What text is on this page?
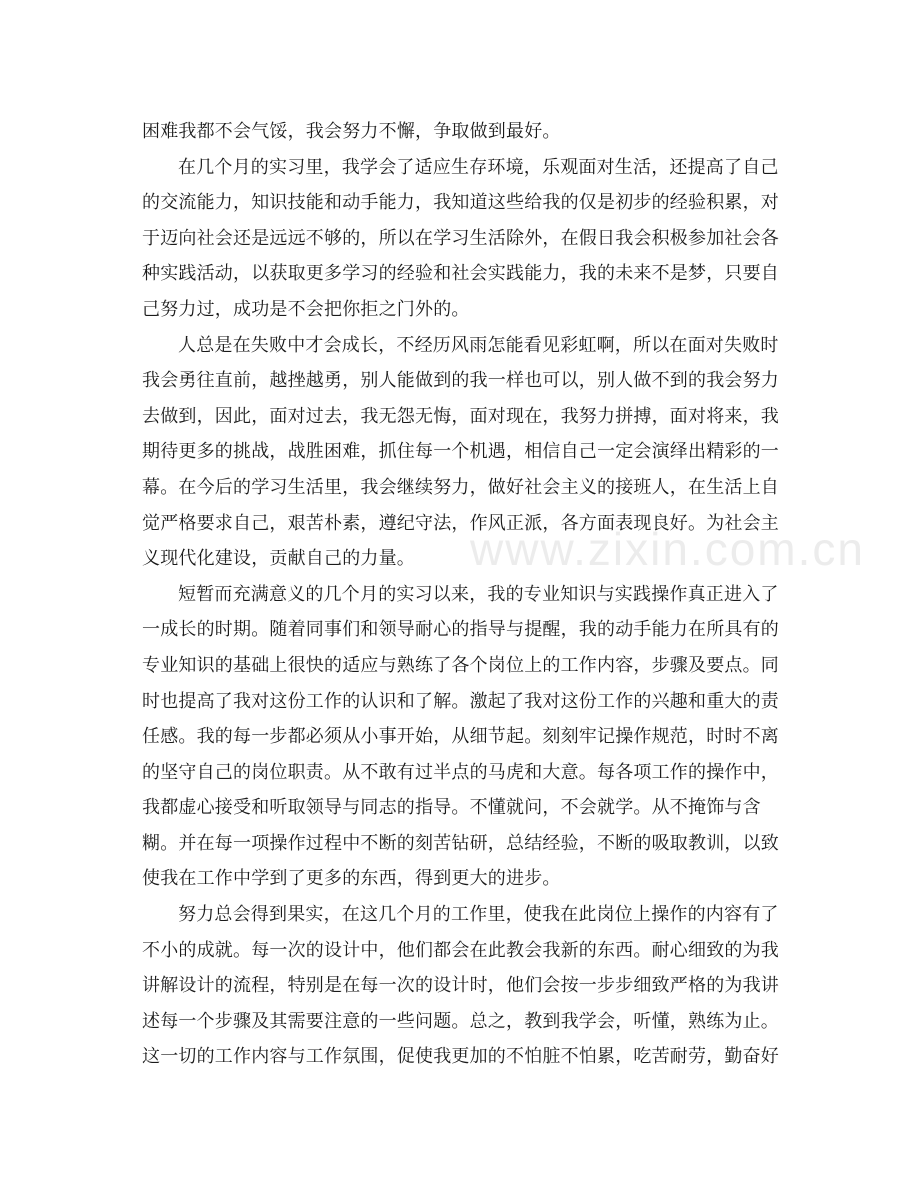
困难我都不会气馁，我会努力不懈，争取做到最好。
在几个月的实习里，我学会了适应生存环境，乐观面对生活，还提高了自己
的交流能力，知识技能和动手能力，我知道这些给我的仅是初步的经验积累，对
于迈向社会还是远远不够的，所以在学习生活除外，在假日我会积极参加社会各
种实践活动，以获取更多学习的经验和社会实践能力，我的未来不是梦，只要自
己努力过，成功是不会把你拒之门外的。
人总是在失败中才会成长，不经历风雨怎能看见彩虹啊，所以在面对失败时
我会勇往直前，越挫越勇，别人能做到的我一样也可以，别人做不到的我会努力
去做到，因此，面对过去，我无怨无悔，面对现在，我努力拼搏，面对将来，我
期待更多的挑战，战胜困难，抓住每一个机遇，相信自己一定会演绎出精彩的一
幕。在今后的学习生活里，我会继续努力，做好社会主义的接班人，在生活上自
觉严格要求自己，艰苦朴素，遵纪守法，作风正派，各方面表现良好。为社会主
义现代化建设，贡献自己的力量。
短暂而充满意义的几个月的实习以来，我的专业知识与实践操作真正进入了
一成长的时期。随着同事们和领导耐心的指导与提醒，我的动手能力在所具有的
专业知识的基础上很快的适应与熟练了各个岗位上的工作内容，步骤及要点。同
时也提高了我对这份工作的认识和了解。激起了我对这份工作的兴趣和重大的责
任感。我的每一步都必须从小事开始，从细节起。刻刻牢记操作规范，时时不离
的坚守自己的岗位职责。从不敢有过半点的马虎和大意。每各项工作的操作中，
我都虚心接受和听取领导与同志的指导。不懂就问，不会就学。从不掩饰与含
糊。并在每一项操作过程中不断的刻苦钻研，总结经验，不断的吸取教训，以致
使我在工作中学到了更多的东西，得到更大的进步。
努力总会得到果实，在这几个月的工作里，使我在此岗位上操作的内容有了
不小的成就。每一次的设计中，他们都会在此教会我新的东西。耐心细致的为我
讲解设计的流程，特别是在每一次的设计时，他们会按一步步细致严格的为我讲
述每一个步骤及其需要注意的一些问题。总之，教到我学会，听懂，熟练为止。
这一切的工作内容与工作氛围，促使我更加的不怕脏不怕累，吃苦耐劳，勤奋好
www.zixin.com.cn
